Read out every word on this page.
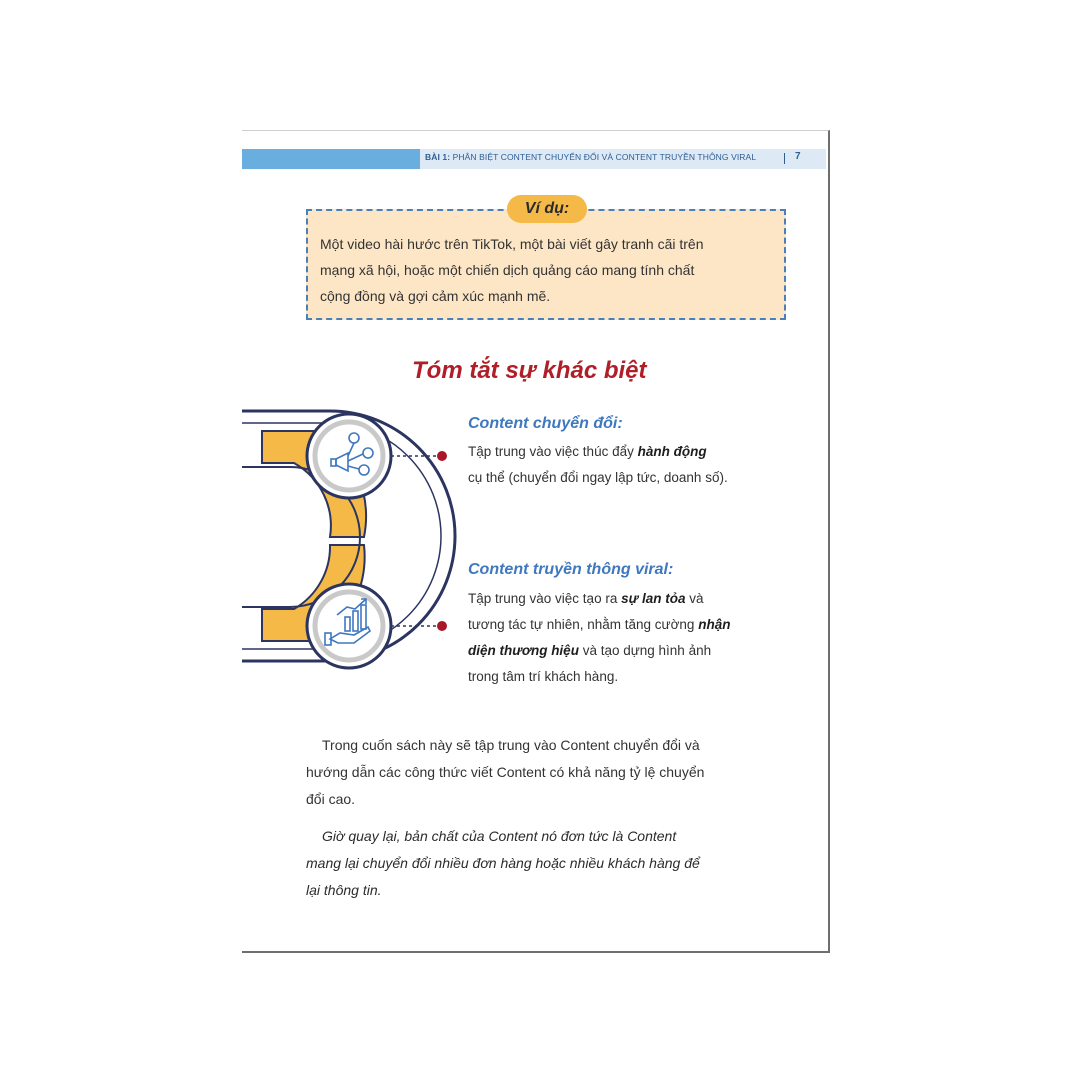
BÀI 1: PHÂN BIỆT CONTENT CHUYỂN ĐỔI VÀ CONTENT TRUYỀN THÔNG VIRAL	7
Ví dụ:
Một video hài hước trên TikTok, một bài viết gây tranh cãi trên
mạng xã hội, hoặc một chiến dịch quảng cáo mang tính chất
cộng đồng và gợi cảm xúc mạnh mẽ.
Tóm tắt sự khác biệt
Content chuyển đổi:
Tập trung vào việc thúc đẩy hành động
cụ thể (chuyển đổi ngay lập tức, doanh số).
Content truyền thông viral:
Tập trung vào việc tạo ra sự lan tỏa và
tương tác tự nhiên, nhằm tăng cường nhận
diện thương hiệu và tạo dựng hình ảnh
trong tâm trí khách hàng.
Trong cuốn sách này sẽ tập trung vào Content chuyển đổi và
hướng dẫn các công thức viết Content có khả năng tỷ lệ chuyển
đổi cao.
Giờ quay lại, bản chất của Content nó đơn tức là Content
mang lại chuyển đổi nhiều đơn hàng hoặc nhiều khách hàng để
lại thông tin.
